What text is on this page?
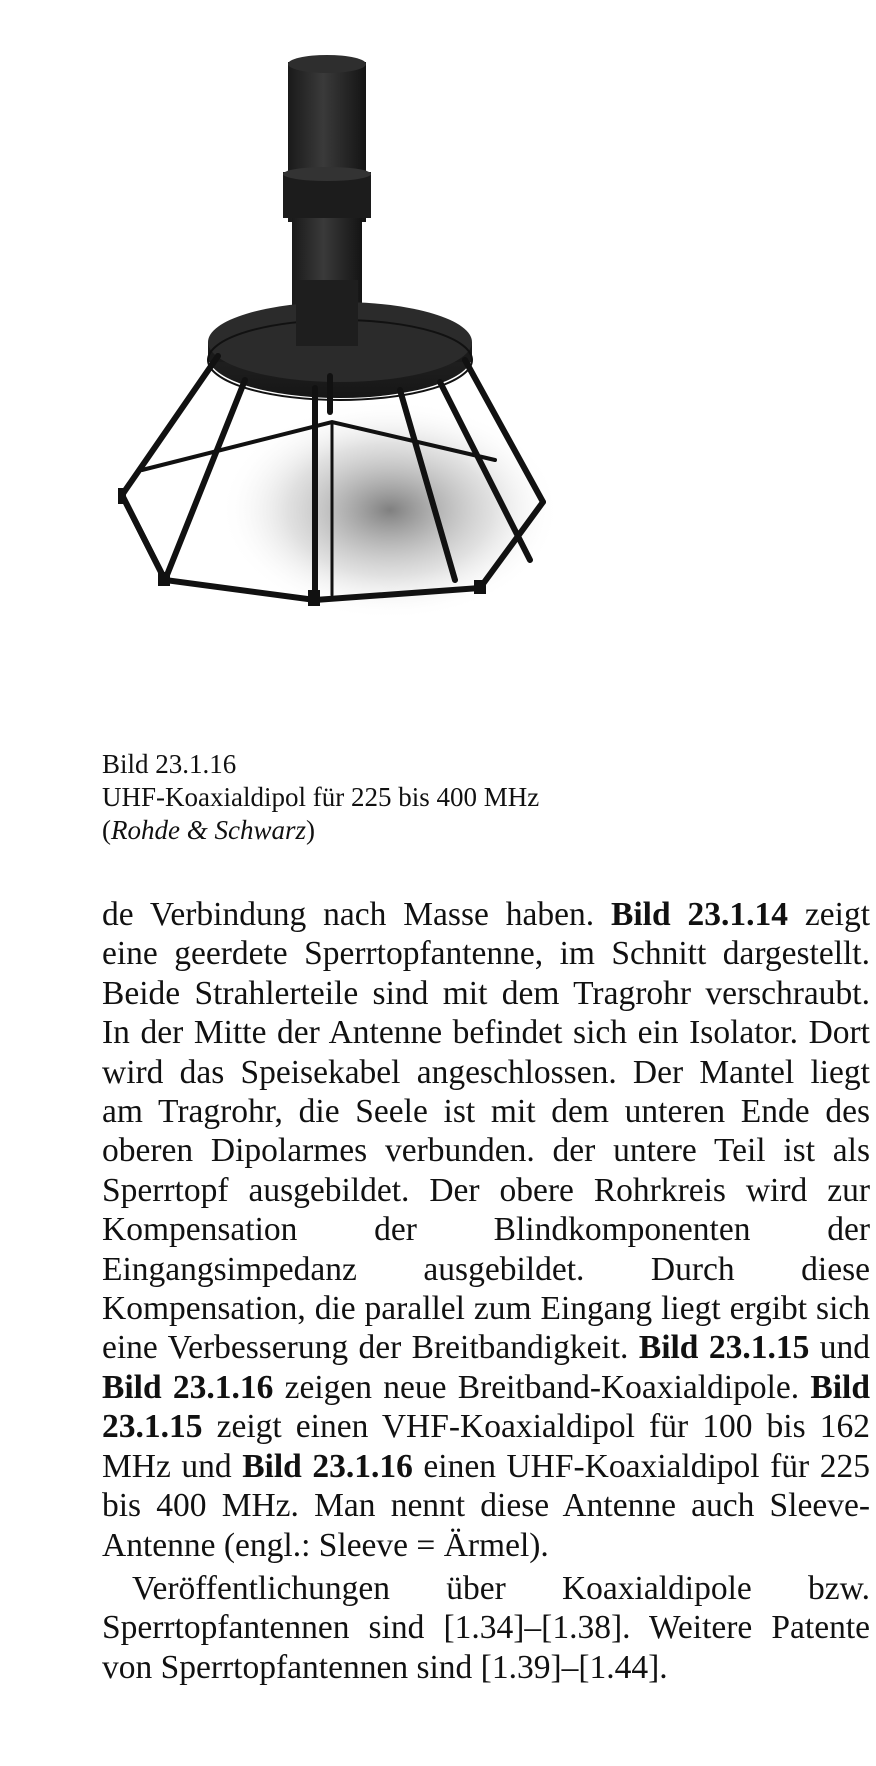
Bild 23.1.16
UHF-Koaxialdipol für 225 bis 400 MHz
(Rohde & Schwarz)

de Verbindung nach Masse haben. Bild 23.1.14 zeigt eine geerdete Sperrtopfantenne, im Schnitt dargestellt. Beide Strahlerteile sind mit dem Tragrohr verschraubt. In der Mitte der Antenne befindet sich ein Isolator. Dort wird das Speisekabel angeschlossen. Der Mantel liegt am Tragrohr, die Seele ist mit dem unteren Ende des oberen Dipolarmes verbunden. der untere Teil ist als Sperrtopf ausgebildet. Der obere Rohrkreis wird zur Kompensation der Blindkomponenten der Eingangsimpedanz ausgebildet. Durch diese Kompensation, die parallel zum Eingang liegt ergibt sich eine Verbesserung der Breitbandigkeit. Bild 23.1.15 und Bild 23.1.16 zeigen neue Breitband-Koaxialdipole. Bild 23.1.15 zeigt einen VHF-Koaxialdipol für 100 bis 162 MHz und Bild 23.1.16 einen UHF-Koaxialdipol für 225 bis 400 MHz. Man nennt diese Antenne auch Sleeve-Antenne (engl.: Sleeve = Ärmel).

Veröffentlichungen über Koaxialdipole bzw. Sperrtopfantennen sind [1.34]–[1.38]. Weitere Patente von Sperrtopfantennen sind [1.39]–[1.44].
